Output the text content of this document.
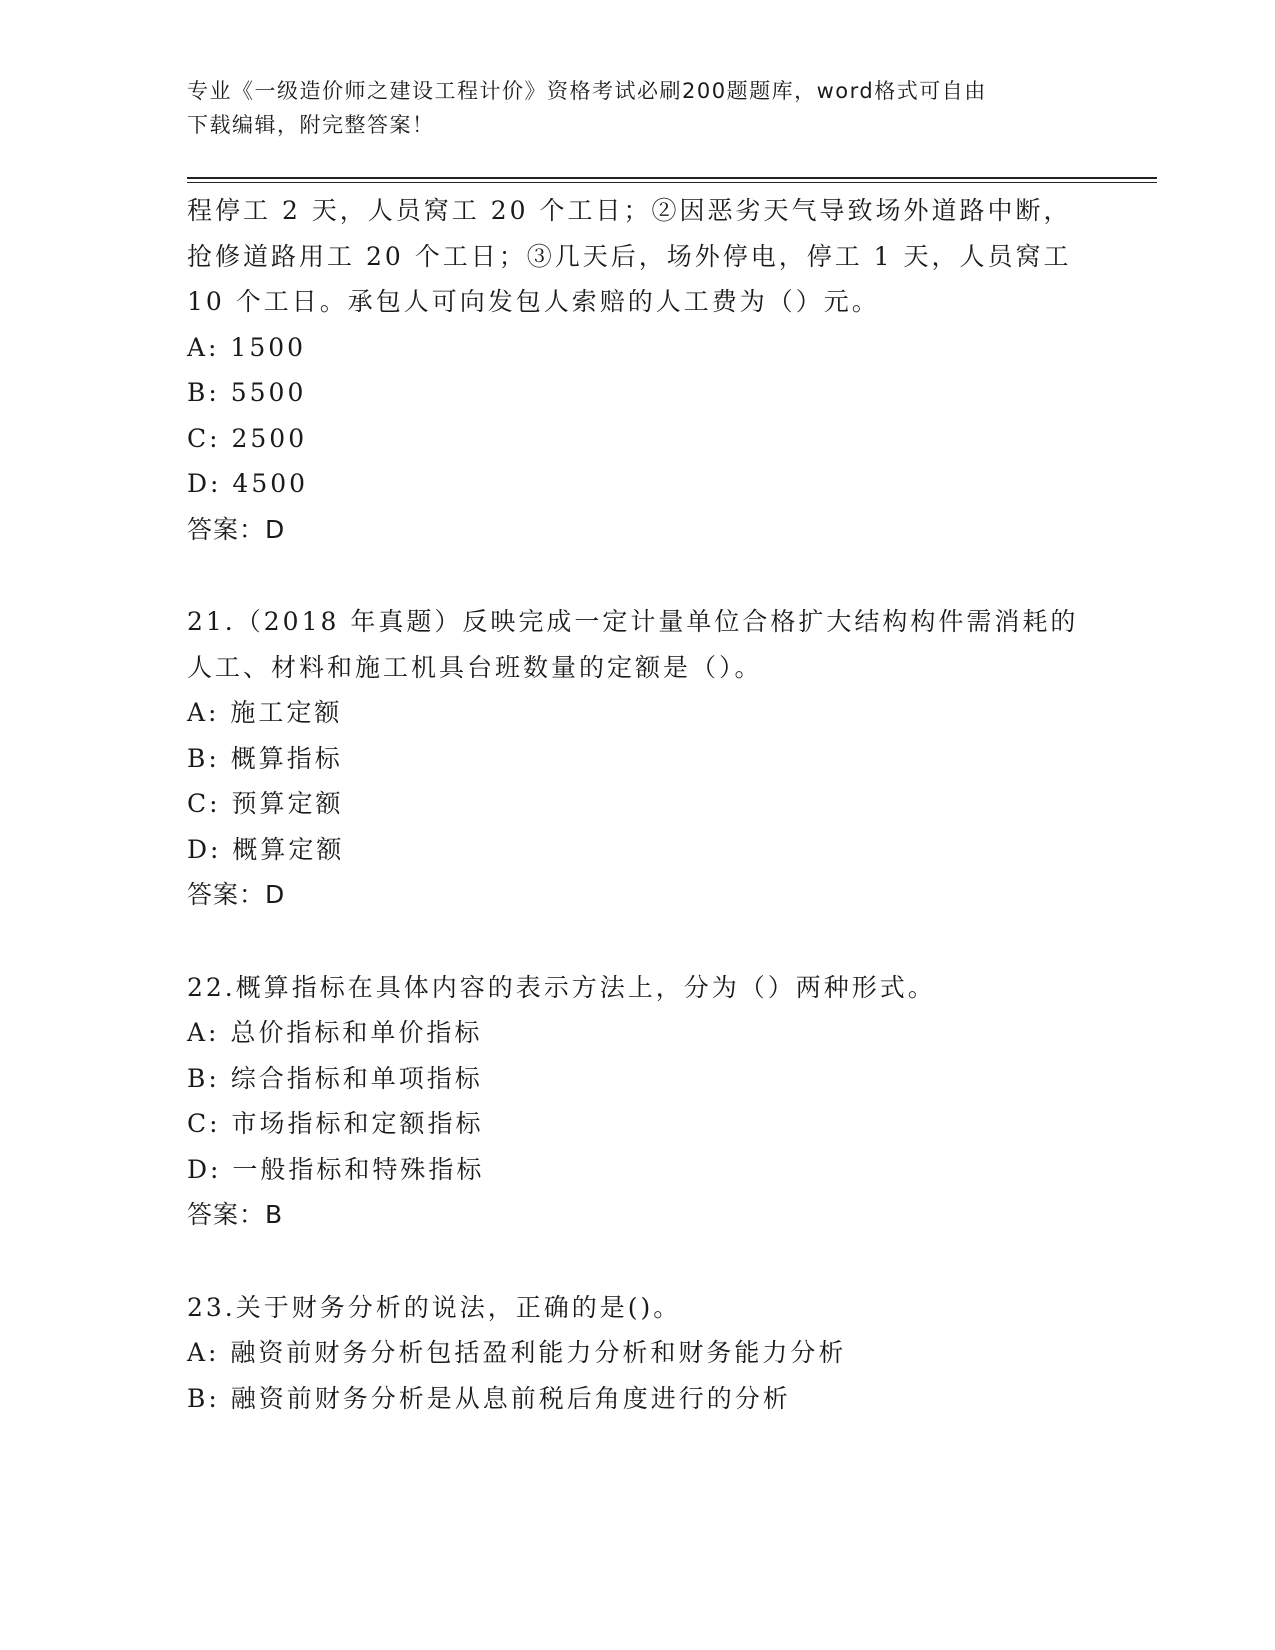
专业《一级造价师之建设工程计价》资格考试必刷200题题库，word格式可自由
下载编辑，附完整答案！
程停工 2 天，人员窝工 20 个工日；②因恶劣天气导致场外道路中断，
抢修道路用工 20 个工日；③几天后，场外停电，停工 1 天，人员窝工
10 个工日。承包人可向发包人索赔的人工费为（）元。
A: 1500
B: 5500
C: 2500
D: 4500
答案：D
21.（2018 年真题）反映完成一定计量单位合格扩大结构构件需消耗的
人工、材料和施工机具台班数量的定额是（）。
A: 施工定额
B: 概算指标
C: 预算定额
D: 概算定额
答案：D
22.概算指标在具体内容的表示方法上，分为（）两种形式。
A: 总价指标和单价指标
B: 综合指标和单项指标
C: 市场指标和定额指标
D: 一般指标和特殊指标
答案：B
23.关于财务分析的说法，正确的是()。
A: 融资前财务分析包括盈利能力分析和财务能力分析
B: 融资前财务分析是从息前税后角度进行的分析
